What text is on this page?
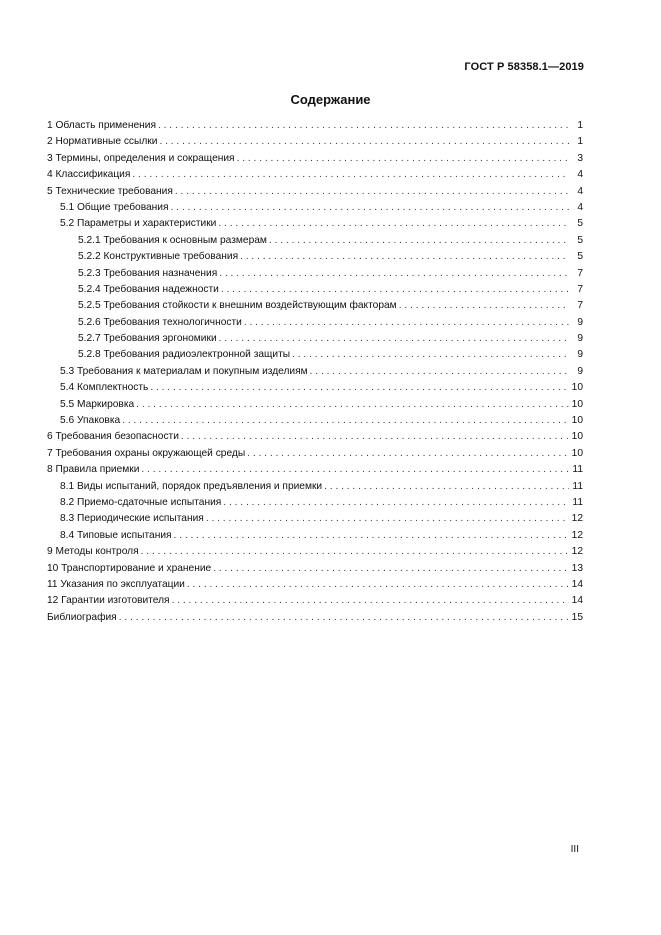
ГОСТ Р 58358.1—2019
Содержание
1 Область применения . . .	1
2 Нормативные ссылки . . .	1
3 Термины, определения и сокращения . . .	3
4 Классификация . . .	4
5 Технические требования . . .	4
5.1 Общие требования . . .	4
5.2 Параметры и характеристики . . .	5
5.2.1 Требования к основным размерам . . .	5
5.2.2 Конструктивные требования . . .	5
5.2.3 Требования назначения . . .	7
5.2.4 Требования надежности . . .	7
5.2.5 Требования стойкости к внешним воздействующим факторам . . .	7
5.2.6 Требования технологичности . . .	9
5.2.7 Требования эргономики . . .	9
5.2.8 Требования радиоэлектронной защиты . . .	9
5.3 Требования к материалам и покупным изделиям . . .	9
5.4 Комплектность . . .	10
5.5 Маркировка . . .	10
5.6 Упаковка . . .	10
6 Требования безопасности . . .	10
7 Требования охраны окружающей среды . . .	10
8 Правила приемки . . .	11
8.1 Виды испытаний, порядок предъявления и приемки . . .	11
8.2 Приемо-сдаточные испытания . . .	11
8.3 Периодические испытания . . .	12
8.4 Типовые испытания . . .	12
9 Методы контроля . . .	12
10 Транспортирование и хранение . . .	13
11 Указания по эксплуатации . . .	14
12 Гарантии изготовителя . . .	14
Библиография . . .	15
III
